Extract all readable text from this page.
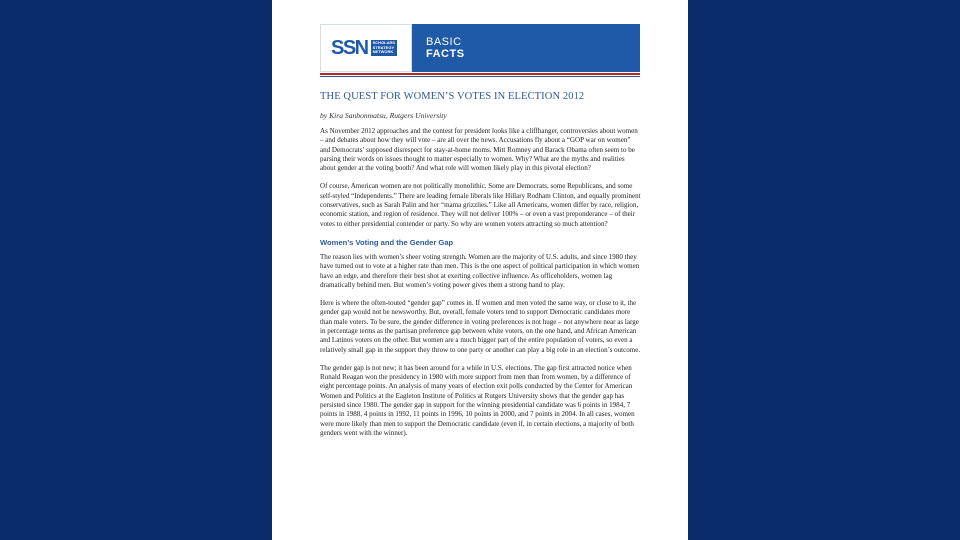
SSN	SCHOLARS
STRATEGY
NETWORK
BASIC
FACTS
THE QUEST FOR WOMEN’S VOTES IN ELECTION 2012
by Kira Sanbonmatsu, Rutgers University

As November 2012 approaches and the contest for president looks like a cliffhanger, controversies about women – and debates about how they will vote – are all over the news. Accusations fly about a “GOP war on women” and Democrats’ supposed disrespect for stay-at-home moms. Mitt Romney and Barack Obama often seem to be parsing their words on issues thought to matter especially to women. Why? What are the myths and realities about gender at the voting booth? And what role will women likely play in this pivotal election?

Of course, American women are not politically monolithic. Some are Democrats, some Republicans, and some self-styled “Independents.” There are leading female liberals like Hillary Rodham Clinton, and equally prominent conservatives, such as Sarah Palin and her “mama grizzlies.” Like all Americans, women differ by race, religion, economic station, and region of residence. They will not deliver 100% – or even a vast preponderance – of their votes to either presidential contender or party. So why are women voters attracting so much attention?

Women’s Voting and the Gender Gap

The reason lies with women’s sheer voting strength. Women are the majority of U.S. adults, and since 1980 they have turned out to vote at a higher rate than men. This is the one aspect of political participation in which women have an edge, and therefore their best shot at exerting collective influence. As officeholders, women lag dramatically behind men. But women’s voting power gives them a strong hand to play.

Here is where the often-touted “gender gap” comes in. If women and men voted the same way, or close to it, the gender gap would not be newsworthy. But, overall, female voters tend to support Democratic candidates more than male voters. To be sure, the gender difference in voting preferences is not huge – not anywhere near as large in percentage terms as the partisan preference gap between white voters, on the one hand, and African American and Latinos voters on the other. But women are a much bigger part of the entire population of voters, so even a relatively small gap in the support they throw to one party or another can play a big role in an election’s outcome.

The gender gap is not new; it has been around for a while in U.S. elections. The gap first attracted notice when Ronald Reagan won the presidency in 1980 with more support from men than from women, by a difference of eight percentage points. An analysis of many years of election exit polls conducted by the Center for American Women and Politics at the Eagleton Institute of Politics at Rutgers University shows that the gender gap has persisted since 1980. The gender gap in support for the winning presidential candidate was 6 points in 1984, 7 points in 1988, 4 points in 1992, 11 points in 1996, 10 points in 2000, and 7 points in 2004. In all cases, women were more likely than men to support the Democratic candidate (even if, in certain elections, a majority of both genders went with the winner).
